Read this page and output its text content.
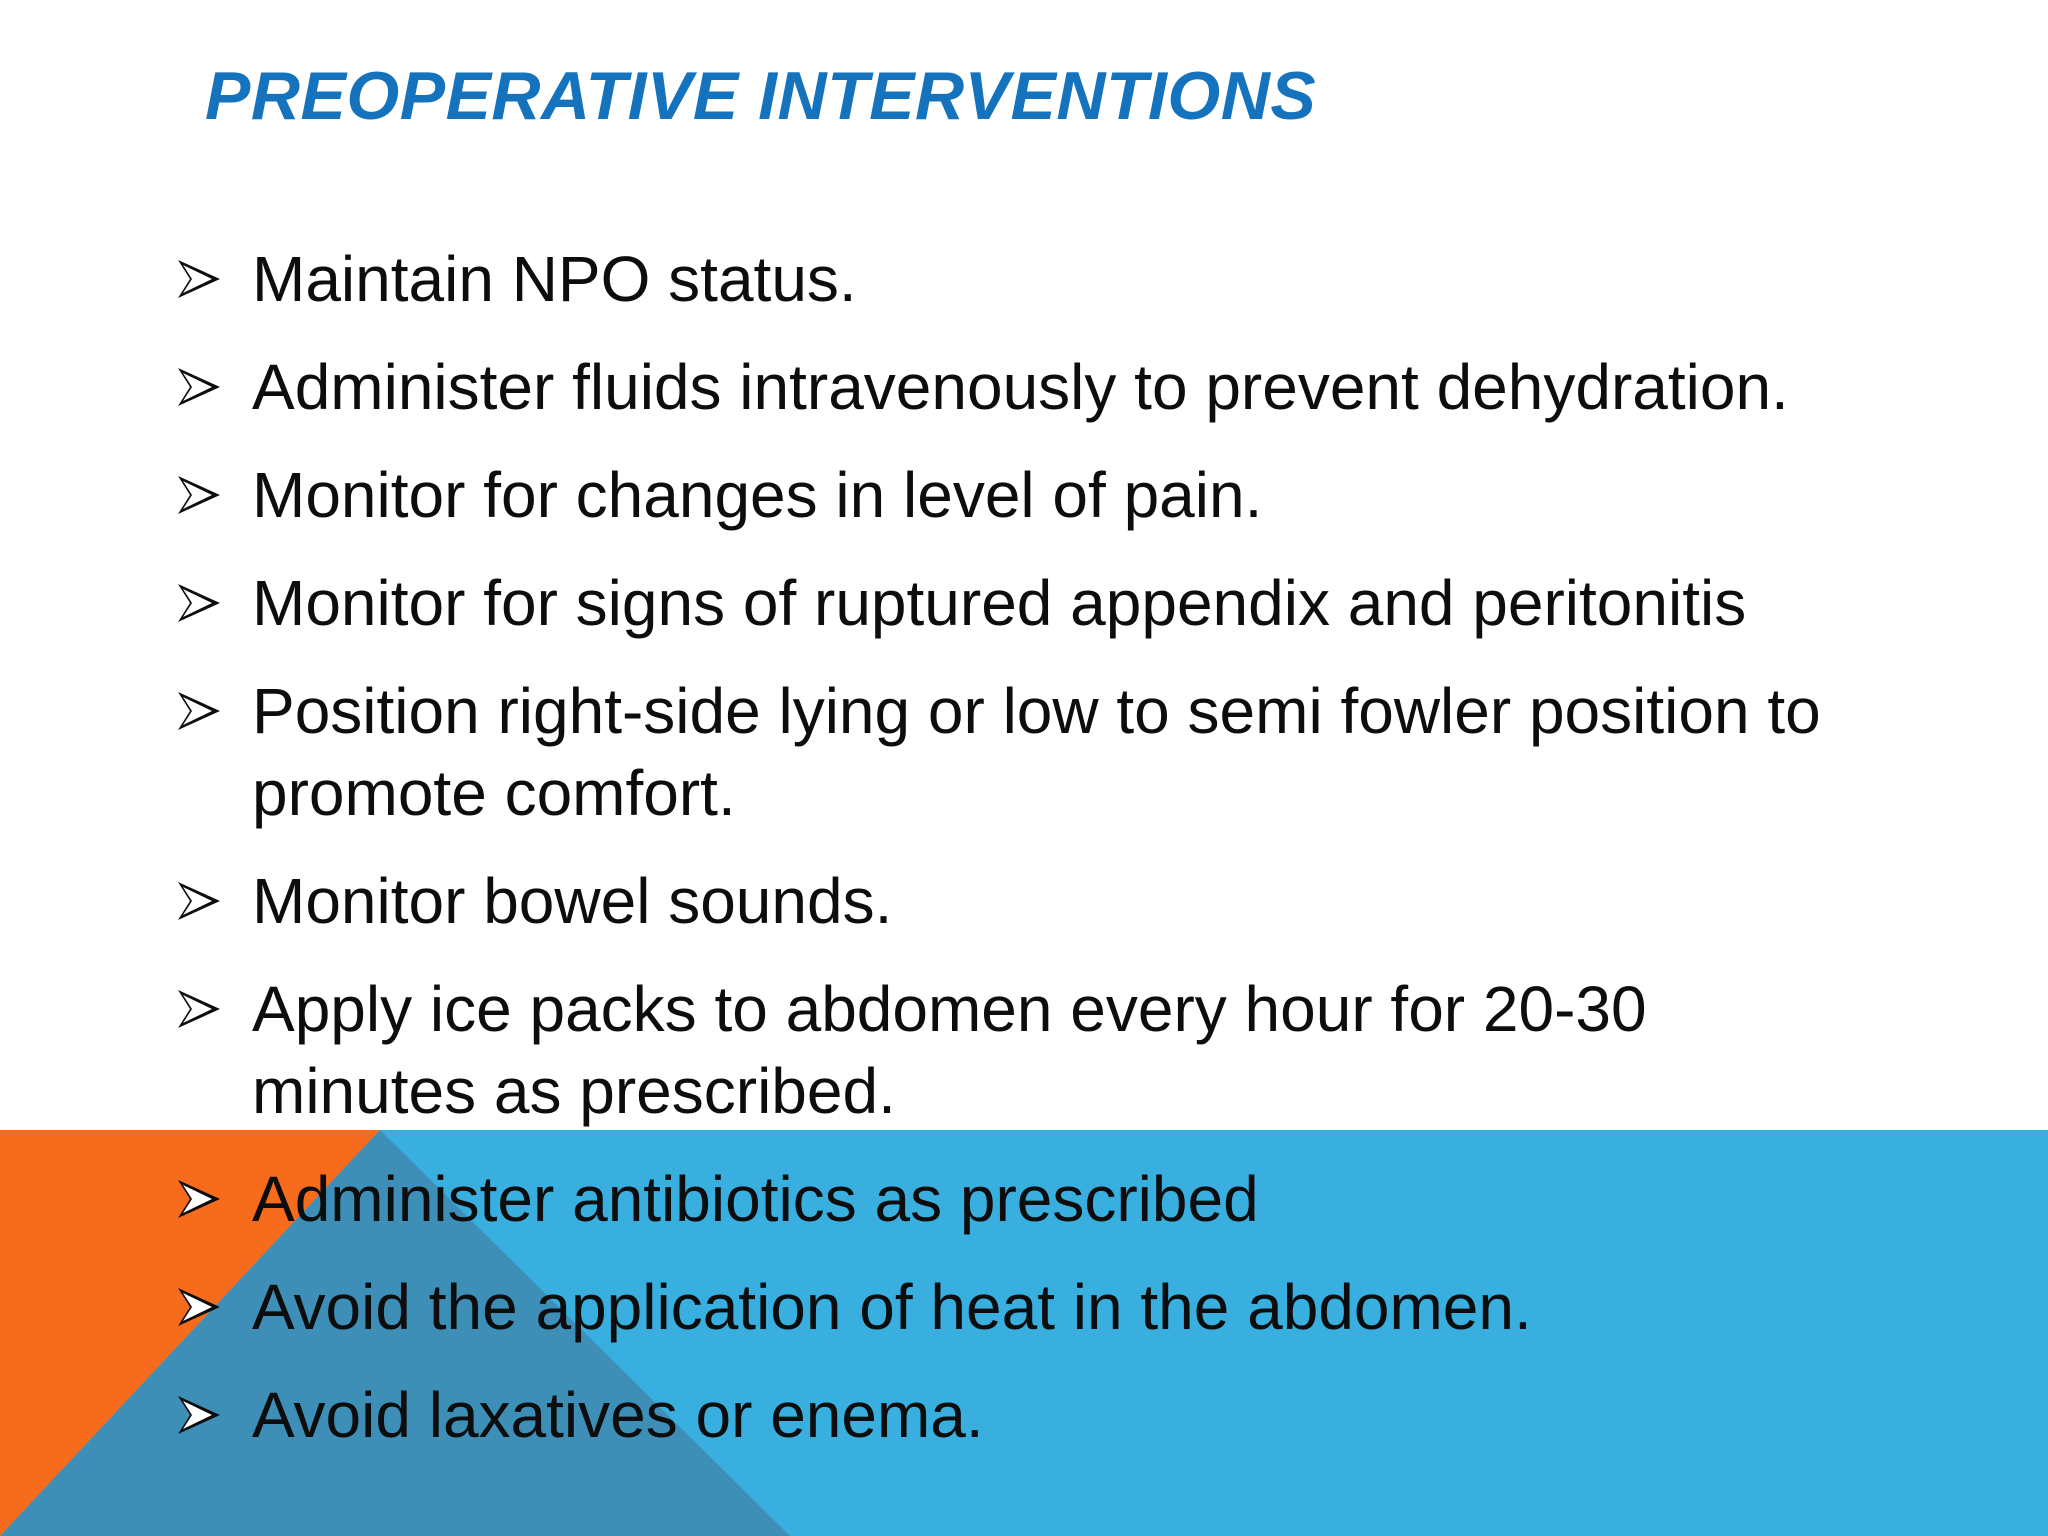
PREOPERATIVE INTERVENTIONS
Maintain NPO status.
Administer fluids intravenously to prevent dehydration.
Monitor for changes in level of pain.
Monitor for signs of ruptured appendix and peritonitis
Position right-side lying or low to semi fowler position to promote comfort.
Monitor bowel sounds.
Apply ice packs to abdomen every hour for 20-30 minutes as prescribed.
Administer antibiotics as prescribed
Avoid the application of heat in the abdomen.
Avoid laxatives or enema.
